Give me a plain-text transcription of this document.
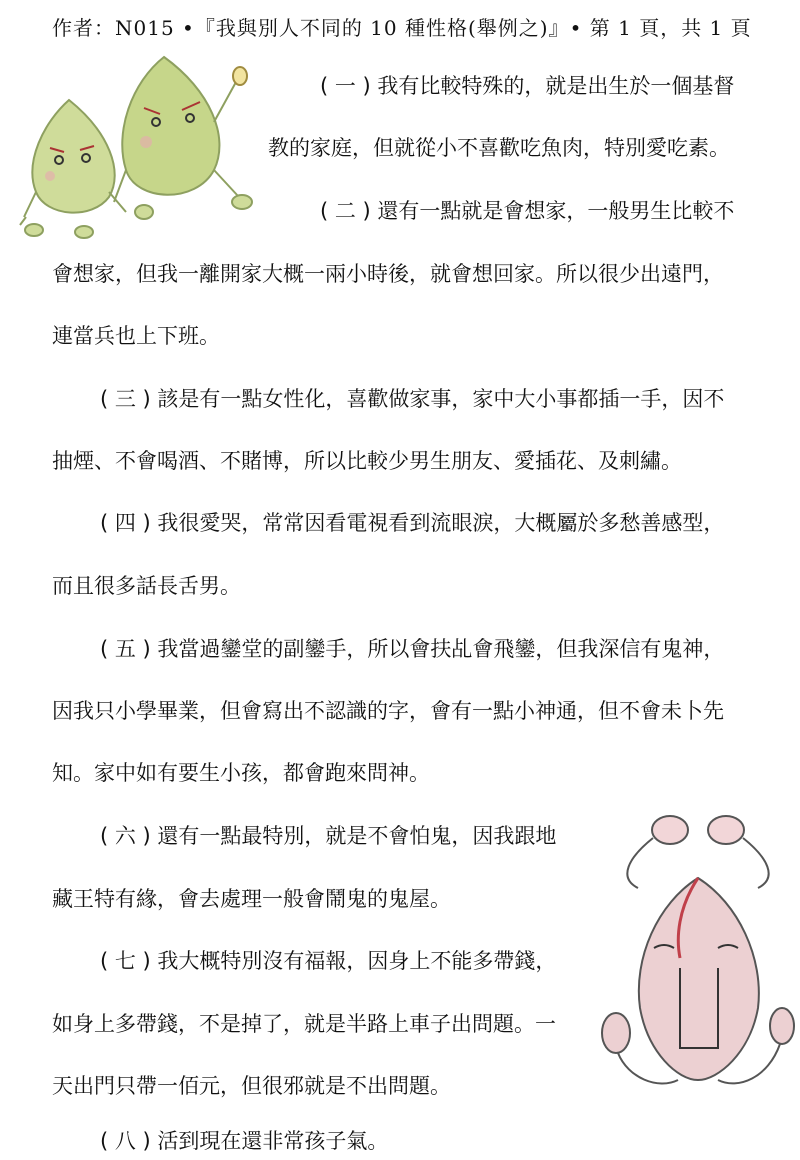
作者：N015 •『我與別人不同的 10 種性格(舉例之)』• 第 1 頁，共 1 頁
( 一 ) 我有比較特殊的，就是出生於一個基督
教的家庭，但就從小不喜歡吃魚肉，特別愛吃素。
( 二 ) 還有一點就是會想家，一般男生比較不
會想家，但我一離開家大概一兩小時後，就會想回家。所以很少出遠門，
連當兵也上下班。
( 三 ) 該是有一點女性化，喜歡做家事，家中大小事都插一手，因不
抽煙、不會喝酒、不賭博，所以比較少男生朋友、愛插花、及刺繡。
( 四 ) 我很愛哭，常常因看電視看到流眼淚，大概屬於多愁善感型，
而且很多話長舌男。
( 五 ) 我當過鑾堂的副鑾手，所以會扶乩會飛鑾，但我深信有鬼神，
因我只小學畢業，但會寫出不認識的字，會有一點小神通，但不會未卜先
知。家中如有要生小孩，都會跑來問神。
( 六 ) 還有一點最特別，就是不會怕鬼，因我跟地
藏王特有緣，會去處理一般會鬧鬼的鬼屋。
( 七 ) 我大概特別沒有福報，因身上不能多帶錢，
如身上多帶錢，不是掉了，就是半路上車子出問題。一
天出門只帶一佰元，但很邪就是不出問題。
( 八 ) 活到現在還非常孩子氣。
